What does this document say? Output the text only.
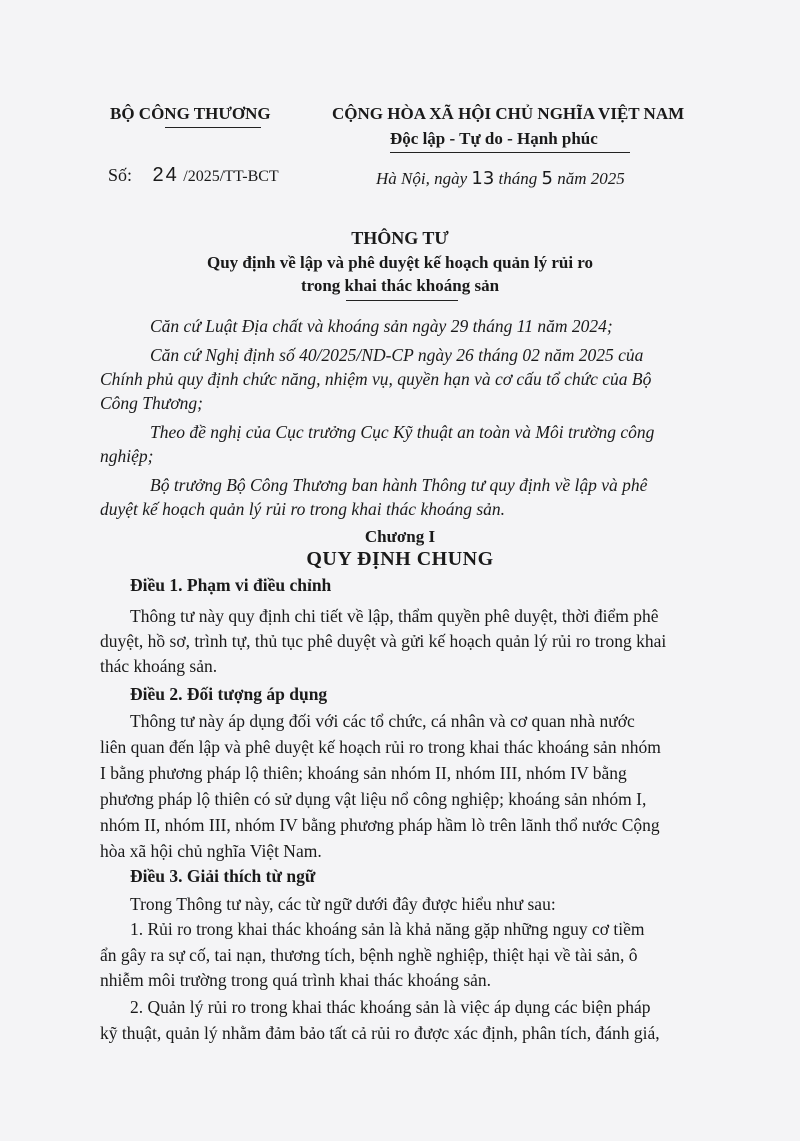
BỘ CÔNG THƯƠNG	CỘNG HÒA XÃ HỘI CHỦ NGHĨA VIỆT NAM
Độc lập - Tự do - Hạnh phúc
Số: 24 /2025/TT-BCT	Hà Nội, ngày 13 tháng 5 năm 2025
THÔNG TƯ
Quy định về lập và phê duyệt kế hoạch quản lý rủi ro
trong khai thác khoáng sản
Căn cứ Luật Địa chất và khoáng sản ngày 29 tháng 11 năm 2024;
Căn cứ Nghị định số 40/2025/ND-CP ngày 26 tháng 02 năm 2025 của
Chính phủ quy định chức năng, nhiệm vụ, quyền hạn và cơ cấu tổ chức của Bộ
Công Thương;
Theo đề nghị của Cục trưởng Cục Kỹ thuật an toàn và Môi trường công
nghiệp;
Bộ trưởng Bộ Công Thương ban hành Thông tư quy định về lập và phê
duyệt kế hoạch quản lý rủi ro trong khai thác khoáng sản.
Chương I
QUY ĐỊNH CHUNG
Điều 1. Phạm vi điều chỉnh
Thông tư này quy định chi tiết về lập, thẩm quyền phê duyệt, thời điểm phê
duyệt, hồ sơ, trình tự, thủ tục phê duyệt và gửi kế hoạch quản lý rủi ro trong khai
thác khoáng sản.
Điều 2. Đối tượng áp dụng
Thông tư này áp dụng đối với các tổ chức, cá nhân và cơ quan nhà nước
liên quan đến lập và phê duyệt kế hoạch rủi ro trong khai thác khoáng sản nhóm
I bằng phương pháp lộ thiên; khoáng sản nhóm II, nhóm III, nhóm IV bằng
phương pháp lộ thiên có sử dụng vật liệu nổ công nghiệp; khoáng sản nhóm I,
nhóm II, nhóm III, nhóm IV bằng phương pháp hầm lò trên lãnh thổ nước Cộng
hòa xã hội chủ nghĩa Việt Nam.
Điều 3. Giải thích từ ngữ
Trong Thông tư này, các từ ngữ dưới đây được hiểu như sau:
1. Rủi ro trong khai thác khoáng sản là khả năng gặp những nguy cơ tiềm
ẩn gây ra sự cố, tai nạn, thương tích, bệnh nghề nghiệp, thiệt hại về tài sản, ô
nhiễm môi trường trong quá trình khai thác khoáng sản.
2. Quản lý rủi ro trong khai thác khoáng sản là việc áp dụng các biện pháp
kỹ thuật, quản lý nhằm đảm bảo tất cả rủi ro được xác định, phân tích, đánh giá,
